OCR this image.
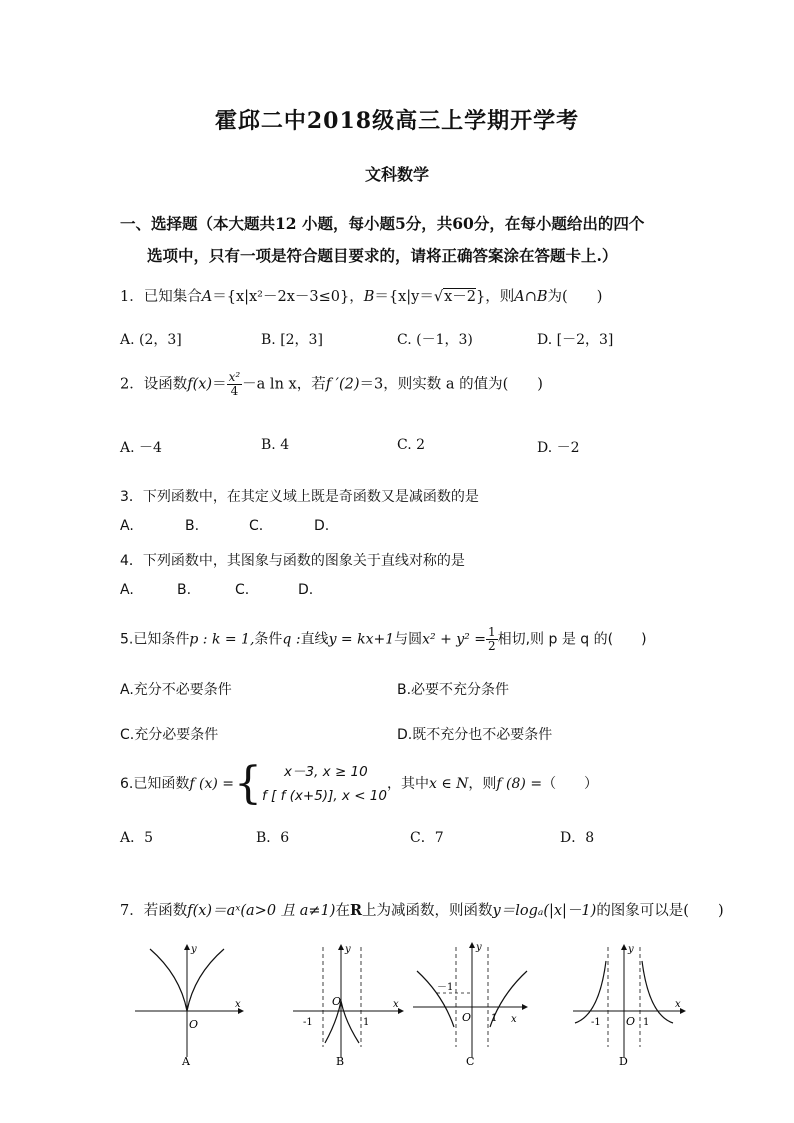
霍邱二中2018级高三上学期开学考
文科数学
一、选择题（本大题共12 小题，每小题5分，共60分，在每小题给出的四个
选项中，只有一项是符合题目要求的，请将正确答案涂在答题卡上.）
1．已知集合A＝{x|x²－2x－3≤0}，B＝{x|y＝√x－2}，则A∩B为(　　)
A. (2，3]	B. [2，3]	C. (－1，3)	D. [－2，3]
2．设函数$f(x)= \frac{\text{x²}}{4} -a$ ln x，若f ′(2)＝3，则实数 a 的值为(　　)
A. －4	B. 4	C. 2	D. －2
3．下列函数中，在其定义域上既是奇函数又是减函数的是
A.	B.	C.	D.
4．下列函数中，其图象与函数的图象关于直线对称的是
A.	B.	C.	D.
5.已知条件p : k = 1,条件q :直线y = kx+1与圆$x^2 + y^2 = \frac{1}{2}$ 相切,则 p 是 q 的(　　)
A.充分不必要条件	B.必要不充分条件
C.充分必要条件	D.既不充分也不必要条件
6.已知函数f (x) ={	x－3, x ≥ 10
f [ f (x+5)], x < 10
，其中x ∈ N，则f (8) =（　　）
A．5	B．6	C．7	D．8
7．若函数f(x)＝aˣ(a>0 且 a≠1)在R上为减函数，则函数y＝logₐ(|x|－1)的图象可以是(　　)
y
x
O
A
y
x
O
-1	1
B
y
x
O
－1
1
C
y
x
O
-1	1
D
